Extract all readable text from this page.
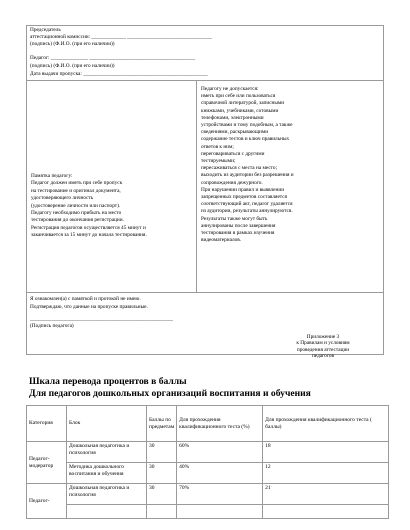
Председатель
аттестационной комиссии: _____________ ________________________________
(подпись) (Ф.И.О. (при его наличии))
Педагог: ______________ ________________________________________
(подпись) (Ф.И.О. (при его наличии))
Дата выдачи пропуска: _______________________________________________
Памятка педагогу:
Педагог должен иметь при себе пропуск
на тестирование и оригинал документа,
удостоверяющего личность
(удостоверение личности или паспорт).
Педагогу необходимо прибыть на место
тестирования до окончания регистрации.
Регистрация педагогов осуществляется 45 минут и
заканчивается за 15 минут до начала тестирования.
Педагогу не допускается:
иметь при себе или пользоваться
справочной литературой, записными
книжками, учебниками, сотовыми
телефонами, электронными
устройствами и тому подобным, а также
сведениями, раскрывающими
содержание тестов и ключ правильных
ответов к ним;
переговариваться с другими
тестируемыми;
пересаживаться с места на место;
выходить из аудитории без разрешения и
сопровождения дежурного.
При нарушении правил и выявлении
запрещенных предметов составляется
соответствующий акт, педагог удаляется
из аудитории, результаты аннулируются.
Результаты также могут быть
аннулированы после завершения
тестирования в рамках изучения
видеоматериалов.
Я ознакомлен(а) с памяткой и протокой не имею.
Подтверждаю, что данные на пропуске правильные.
______________________________________________________
(Подпись педагога)
Приложение 3
к Правилам и условиям
проведения аттестации
педагогов
Шкала перевода процентов в баллы
Для педагогов дошкольных организаций воспитания и обучения
Категория	Блок	Баллы по предметам	Для прохождения квалификационного теста (%)	Для прохождения квалификационного теста ( баллы)
Педагог-модератор	Дошкольная педагогика и психология	30	60%	18
	Методика дошкольного воспитания и обучения	30	40%	12
Педагог-	Дошкольная педагогика и психология	30	70%	21
